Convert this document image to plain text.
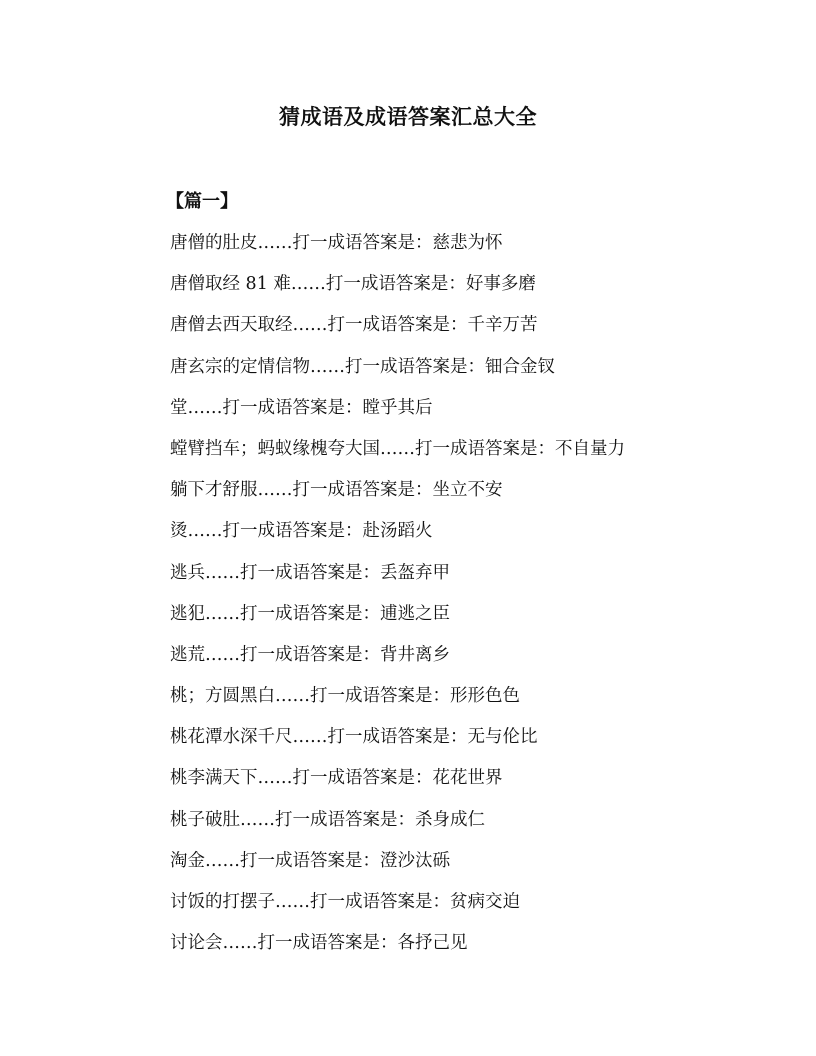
猜成语及成语答案汇总大全

【篇一】

唐僧的肚皮……打一成语答案是：慈悲为怀
唐僧取经 81 难……打一成语答案是：好事多磨
唐僧去西天取经……打一成语答案是：千辛万苦
唐玄宗的定情信物……打一成语答案是：钿合金钗
堂……打一成语答案是：瞠乎其后
螳臂挡车；蚂蚁缘槐夸大国……打一成语答案是：不自量力
躺下才舒服……打一成语答案是：坐立不安
烫……打一成语答案是：赴汤蹈火
逃兵……打一成语答案是：丢盔弃甲
逃犯……打一成语答案是：逋逃之臣
逃荒……打一成语答案是：背井离乡
桃；方圆黑白……打一成语答案是：形形色色
桃花潭水深千尺……打一成语答案是：无与伦比
桃李满天下……打一成语答案是：花花世界
桃子破肚……打一成语答案是：杀身成仁
淘金……打一成语答案是：澄沙汰砾
讨饭的打摆子……打一成语答案是：贫病交迫
讨论会……打一成语答案是：各抒己见
